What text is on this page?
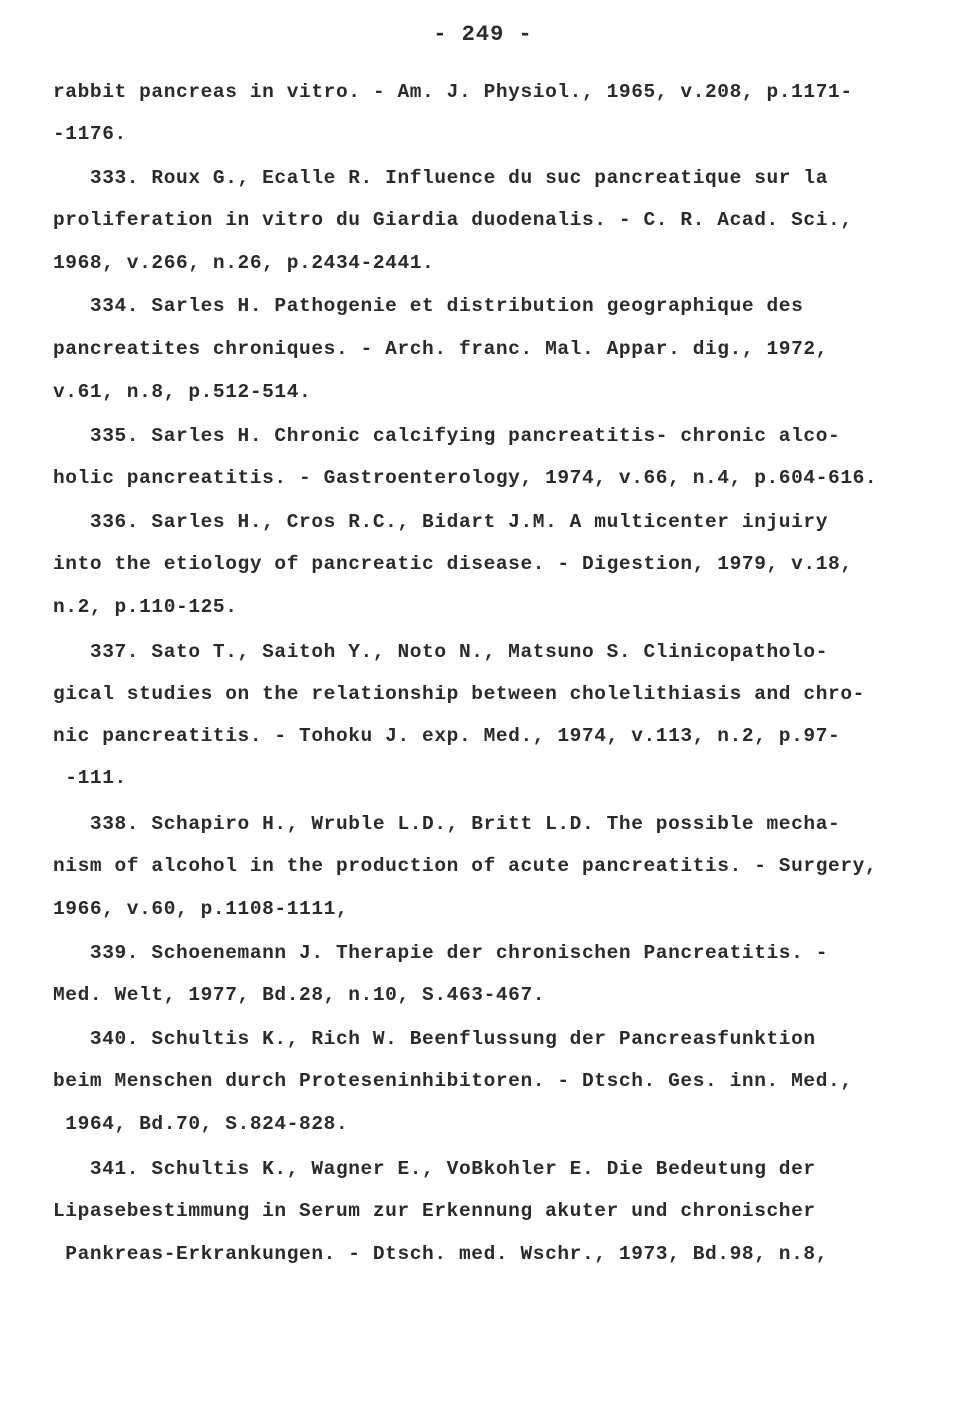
- 249 -
rabbit pancreas in vitro. - Am. J. Physiol., 1965, v.208, p.1171-
-1176.
333. Roux G., Ecalle R. Influence du suc pancreatique sur la
proliferation in vitro du Giardia duodenalis. - C. R. Acad. Sci.,
1968, v.266, n.26, p.2434-2441.
334. Sarles H. Pathogenie et distribution geographique des
pancreatites chroniques. - Arch. franc. Mal. Appar. dig., 1972,
v.61, n.8, p.512-514.
335. Sarles H. Chronic calcifying pancreatitis- chronic alco-
holic pancreatitis. - Gastroenterology, 1974, v.66, n.4, p.604-616.
336. Sarles H., Cros R.C., Bidart J.M. A multicenter injuiry
into the etiology of pancreatic disease. - Digestion, 1979, v.18,
n.2, p.110-125.
337. Sato T., Saitoh Y., Noto N., Matsuno S. Clinicopatholo-
gical studies on the relationship between cholelithiasis and chro-
nic pancreatitis. - Tohoku J. exp. Med., 1974, v.113, n.2, p.97-
-111.
338. Schapiro H., Wruble L.D., Britt L.D. The possible mecha-
nism of alcohol in the production of acute pancreatitis. - Surgery,
1966, v.60, p.1108-1111,
339. Schoenemann J. Therapie der chronischen Pancreatitis. -
Med. Welt, 1977, Bd.28, n.10, S.463-467.
340. Schultis K., Rich W. Beenflussung der Pancreasfunktion
beim Menschen durch Proteseninhibitoren. - Dtsch. Ges. inn. Med.,
1964, Bd.70, S.824-828.
341. Schultis K., Wagner E., VoBkohler E. Die Bedeutung der
Lipasebestimmung in Serum zur Erkennung akuter und chronischer
Pankreas-Erkrankungen. - Dtsch. med. Wschr., 1973, Bd.98, n.8,
